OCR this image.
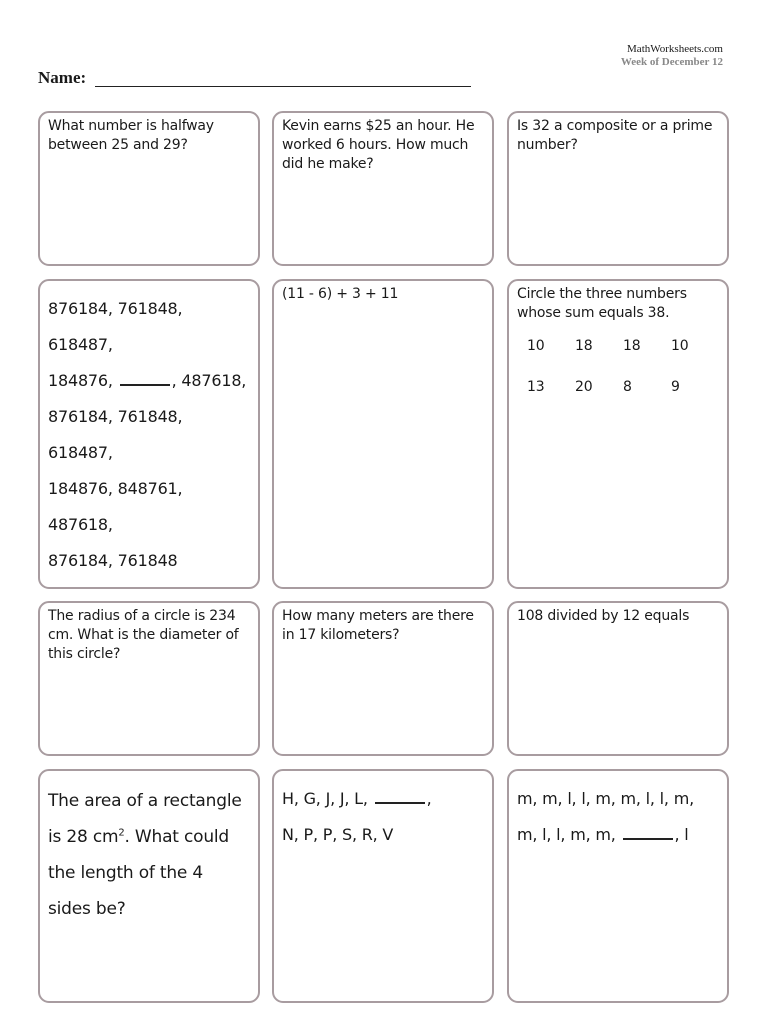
MathWorksheets.com
Week of December 12
Name:
What number is halfway between 25 and 29?
Kevin earns $25 an hour. He worked 6 hours. How much did he make?
Is 32 a composite or a prime number?
876184, 761848, 618487,
184876,	, 487618,
876184, 761848, 618487,
184876, 848761, 487618,
876184, 761848
(11 - 6) + 3 + 11	Circle the three numbers whose sum equals 38.
10	18	18	10
13	20	8	9
The radius of a circle is 234 cm. What is the diameter of this circle?
How many meters are there in 17 kilometers?
108 divided by 12 equals
The area of a rectangle is 28 $cm^2$. What could the length of the 4 sides be?
H, G, J, J, L,	,
N, P, P, S, R, V
m, m, l, l, m, m, l, l, m,
m, l, l, m, m,	, l
